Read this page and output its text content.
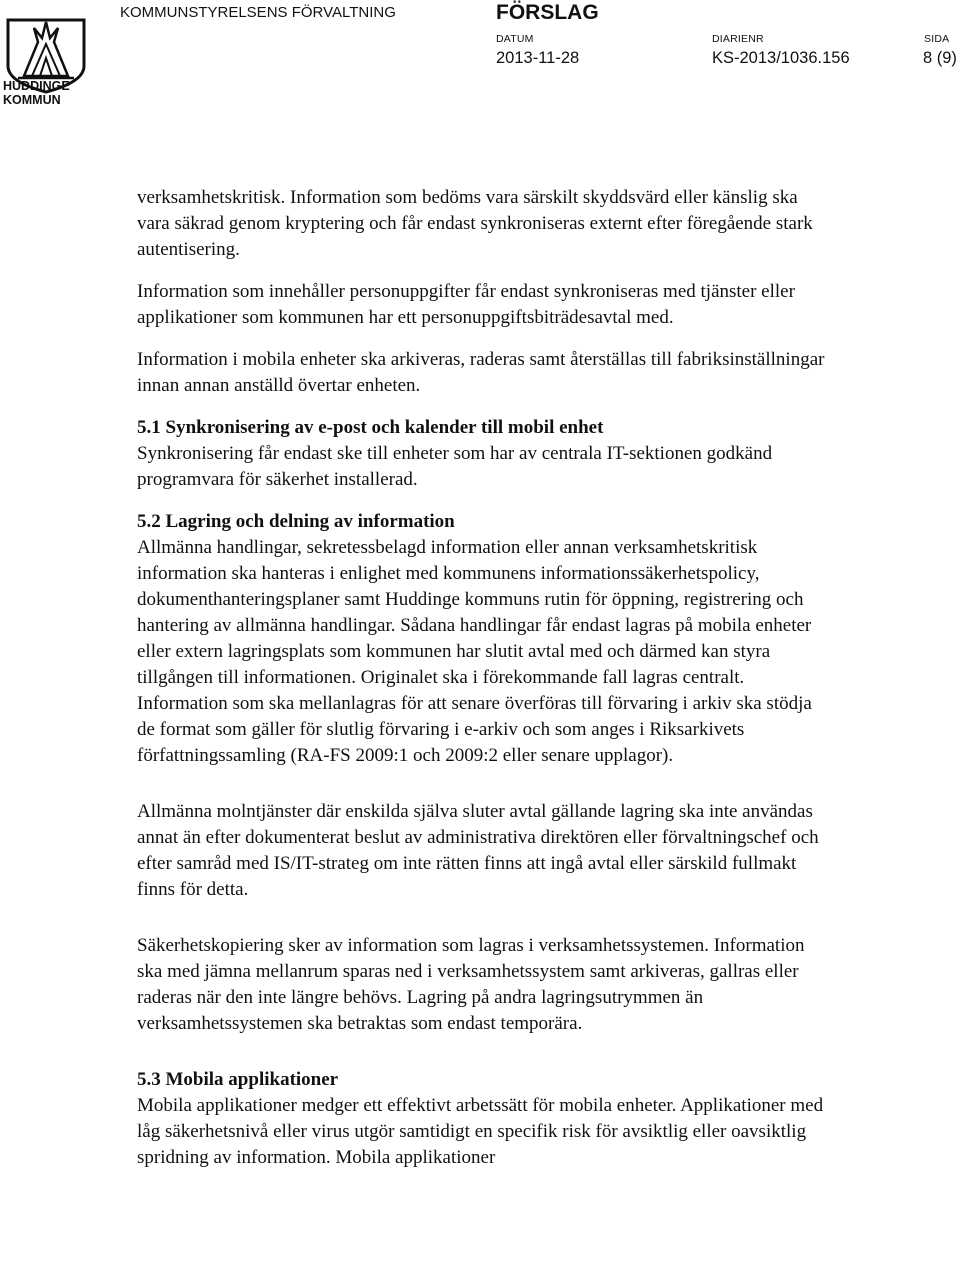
HUDDINGE
KOMMUN
KOMMUNSTYRELSENS FÖRVALTNING	FÖRSLAG
DATUM
2013-11-28
DIARIENR
KS-2013/1036.156
SIDA
8 (9)

verksamhetskritisk. Information som bedöms vara särskilt skyddsvärd eller känslig ska vara säkrad genom kryptering och får endast synkroniseras externt efter föregående stark autentisering.

Information som innehåller personuppgifter får endast synkroniseras med tjänster eller applikationer som kommunen har ett personuppgiftsbiträdesavtal med.

Information i mobila enheter ska arkiveras, raderas samt återställas till fabriksinställningar innan annan anställd övertar enheten.

5.1 Synkronisering av e-post och kalender till mobil enhet

Synkronisering får endast ske till enheter som har av centrala IT-sektionen godkänd programvara för säkerhet installerad.

5.2 Lagring och delning av information

Allmänna handlingar, sekretessbelagd information eller annan verksamhetskritisk information ska hanteras i enlighet med kommunens informationssäkerhetspolicy, dokumenthanteringsplaner samt Huddinge kommuns rutin för öppning, registrering och hantering av allmänna handlingar. Sådana handlingar får endast lagras på mobila enheter eller extern lagringsplats som kommunen har slutit avtal med och därmed kan styra tillgången till informationen. Originalet ska i förekommande fall lagras centralt. Information som ska mellanlagras för att senare överföras till förvaring i arkiv ska stödja de format som gäller för slutlig förvaring i e-arkiv och som anges i Riksarkivets författningssamling (RA-FS 2009:1 och 2009:2 eller senare upplagor).

Allmänna molntjänster där enskilda själva sluter avtal gällande lagring ska inte användas annat än efter dokumenterat beslut av administrativa direktören eller förvaltningschef och efter samråd med IS/IT-strateg om inte rätten finns att ingå avtal eller särskild fullmakt finns för detta.

Säkerhetskopiering sker av information som lagras i verksamhetssystemen. Information ska med jämna mellanrum sparas ned i verksamhetssystem samt arkiveras, gallras eller raderas när den inte längre behövs. Lagring på andra lagringsutrymmen än verksamhetssystemen ska betraktas som endast temporära.

5.3 Mobila applikationer

Mobila applikationer medger ett effektivt arbetssätt för mobila enheter. Applikationer med låg säkerhetsnivå eller virus utgör samtidigt en specifik risk för avsiktlig eller oavsiktlig spridning av information. Mobila applikationer
